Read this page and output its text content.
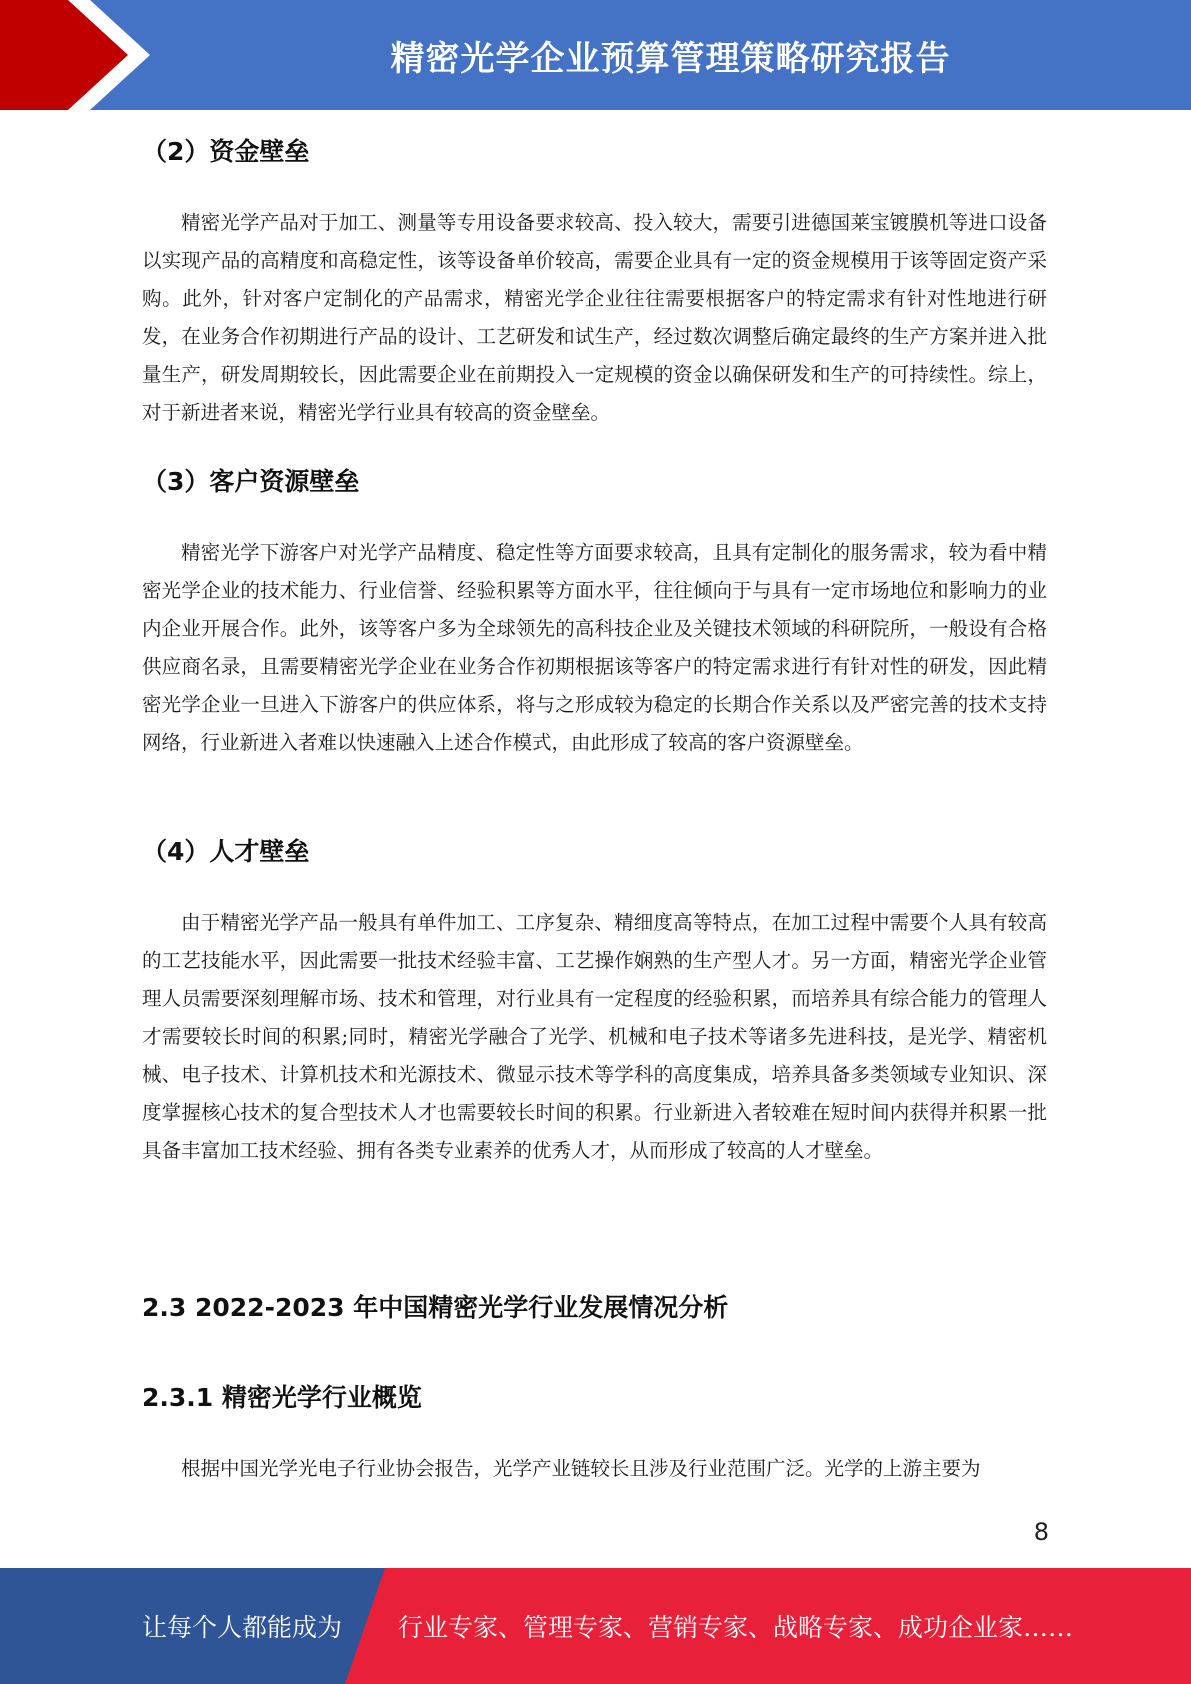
精密光学企业预算管理策略研究报告
（2）资金壁垒

精密光学产品对于加工、测量等专用设备要求较高、投入较大，需要引进德国莱宝镀膜机等进口设备以实现产品的高精度和高稳定性，该等设备单价较高，需要企业具有一定的资金规模用于该等固定资产采购。此外，针对客户定制化的产品需求，精密光学企业往往需要根据客户的特定需求有针对性地进行研发，在业务合作初期进行产品的设计、工艺研发和试生产，经过数次调整后确定最终的生产方案并进入批量生产，研发周期较长，因此需要企业在前期投入一定规模的资金以确保研发和生产的可持续性。综上，对于新进者来说，精密光学行业具有较高的资金壁垒。

（3）客户资源壁垒

精密光学下游客户对光学产品精度、稳定性等方面要求较高，且具有定制化的服务需求，较为看中精密光学企业的技术能力、行业信誉、经验积累等方面水平，往往倾向于与具有一定市场地位和影响力的业内企业开展合作。此外，该等客户多为全球领先的高科技企业及关键技术领域的科研院所，一般设有合格供应商名录，且需要精密光学企业在业务合作初期根据该等客户的特定需求进行有针对性的研发，因此精密光学企业一旦进入下游客户的供应体系，将与之形成较为稳定的长期合作关系以及严密完善的技术支持网络，行业新进入者难以快速融入上述合作模式，由此形成了较高的客户资源壁垒。

（4）人才壁垒

由于精密光学产品一般具有单件加工、工序复杂、精细度高等特点，在加工过程中需要个人具有较高的工艺技能水平，因此需要一批技术经验丰富、工艺操作娴熟的生产型人才。另一方面，精密光学企业管理人员需要深刻理解市场、技术和管理，对行业具有一定程度的经验积累，而培养具有综合能力的管理人才需要较长时间的积累;同时，精密光学融合了光学、机械和电子技术等诸多先进科技，是光学、精密机械、电子技术、计算机技术和光源技术、微显示技术等学科的高度集成，培养具备多类领域专业知识、深度掌握核心技术的复合型技术人才也需要较长时间的积累。行业新进入者较难在短时间内获得并积累一批具备丰富加工技术经验、拥有各类专业素养的优秀人才，从而形成了较高的人才壁垒。

2.3 2022-2023 年中国精密光学行业发展情况分析
2.3.1 精密光学行业概览

根据中国光学光电子行业协会报告，光学产业链较长且涉及行业范围广泛。光学的上游主要为

8
让每个人都能成为 行业专家、管理专家、营销专家、战略专家、成功企业家……
